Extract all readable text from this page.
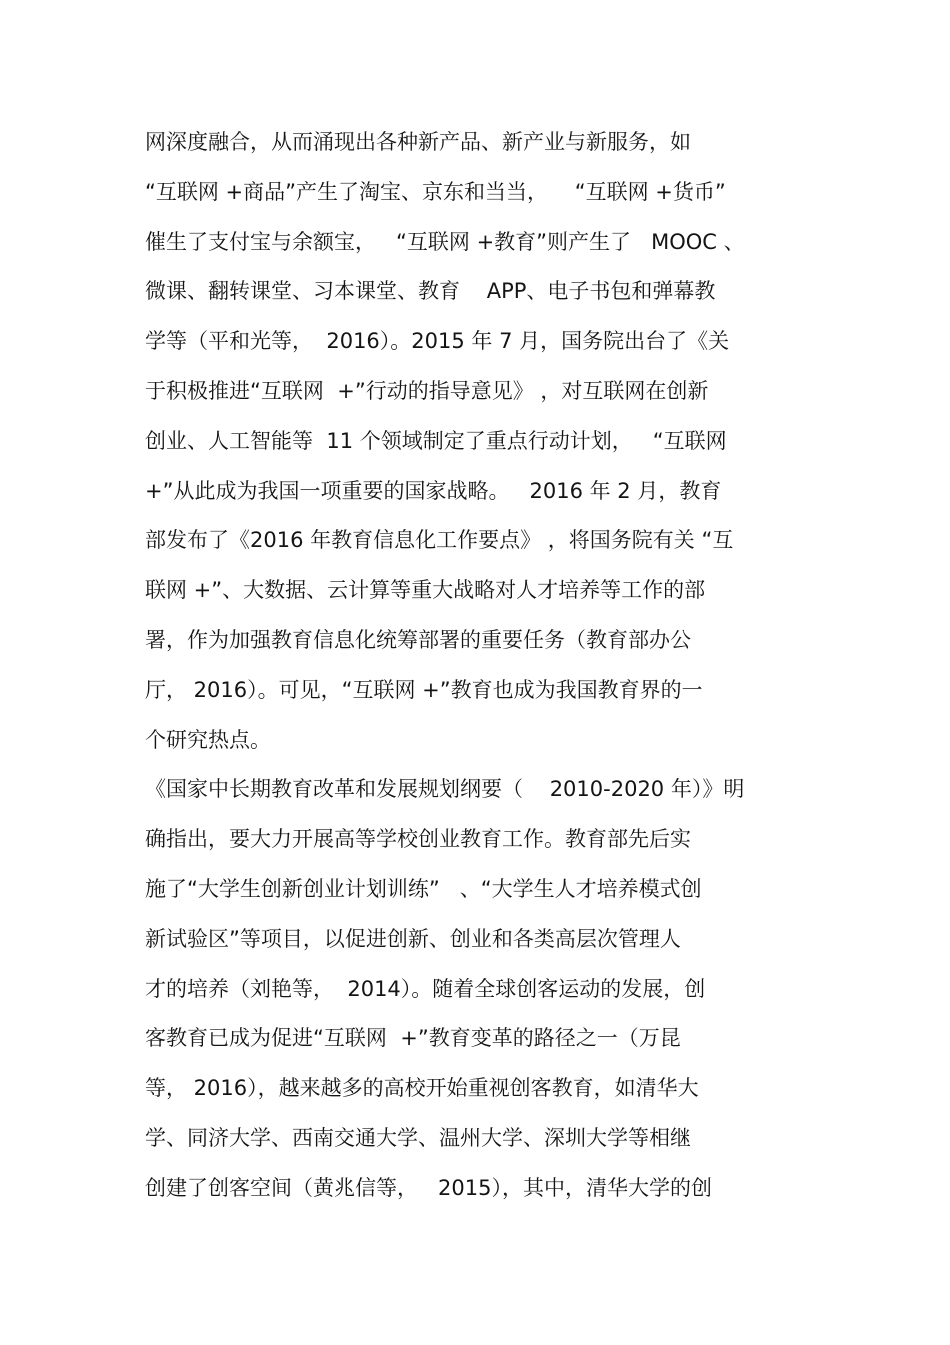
网深度融合，从而涌现出各种新产品、新产业与新服务，如
“互联网 +商品”产生了淘宝、京东和当当，    “互联网 +货币”
催生了支付宝与余额宝，   “互联网 +教育”则产生了   MOOC 、
微课、翻转课堂、习本课堂、教育    APP、电子书包和弹幕教
学等（平和光等，  2016）。2015 年 7 月，国务院出台了《关
于积极推进“互联网  +”行动的指导意见》 ，对互联网在创新
创业、人工智能等  11 个领域制定了重点行动计划，   “互联网
+”从此成为我国一项重要的国家战略。   2016 年 2 月，教育
部发布了《2016 年教育信息化工作要点》 ，将国务院有关 “互
联网 +”、大数据、云计算等重大战略对人才培养等工作的部
署，作为加强教育信息化统筹部署的重要任务（教育部办公
厅， 2016）。可见，“互联网 +”教育也成为我国教育界的一
个研究热点。
《国家中长期教育改革和发展规划纲要（    2010-2020 年）》明
确指出，要大力开展高等学校创业教育工作。教育部先后实
施了“大学生创新创业计划训练”   、“大学生人才培养模式创
新试验区”等项目，以促进创新、创业和各类高层次管理人
才的培养（刘艳等，  2014）。随着全球创客运动的发展，创
客教育已成为促进“互联网  +”教育变革的路径之一（万昆
等， 2016），越来越多的高校开始重视创客教育，如清华大
学、同济大学、西南交通大学、温州大学、深圳大学等相继
创建了创客空间（黄兆信等，   2015），其中，清华大学的创
